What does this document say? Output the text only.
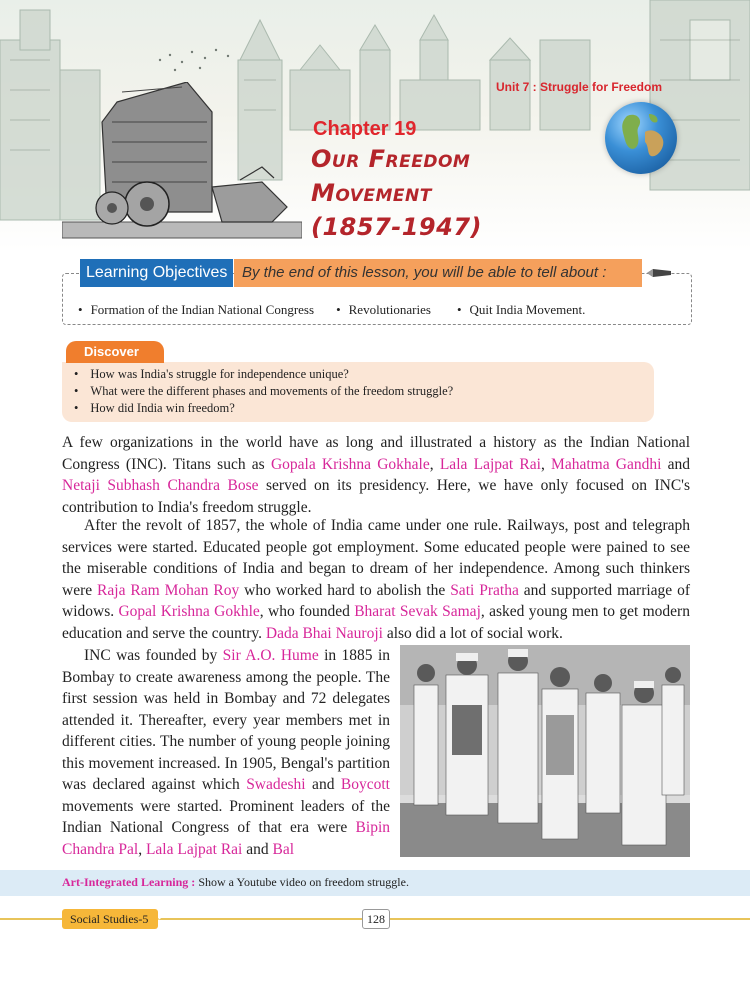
Unit 7 : Struggle for Freedom
Chapter 19
Our Freedom
Movement
(1857-1947)
Learning Objectives By the end of this lesson, you will be able to tell about :
• Formation of the Indian National Congress • Revolutionaries • Quit India Movement.
Discover
• How was India's struggle for independence unique?
• What were the different phases and movements of the freedom struggle?
• How did India win freedom?
A few organizations in the world have as long and illustrated a history as the Indian National Congress (INC). Titans such as Gopala Krishna Gokhale, Lala Lajpat Rai, Mahatma Gandhi and Netaji Subhash Chandra Bose served on its presidency. Here, we have only focused on INC's contribution to India's freedom struggle.
After the revolt of 1857, the whole of India came under one rule. Railways, post and telegraph services were started. Educated people got employment. Some educated people were pained to see the miserable conditions of India and began to dream of her independence. Among such thinkers were Raja Ram Mohan Roy who worked hard to abolish the Sati Pratha and supported marriage of widows. Gopal Krishna Gokhle, who founded Bharat Sevak Samaj, asked young men to get modern education and serve the country. Dada Bhai Nauroji also did a lot of social work.
INC was founded by Sir A.O. Hume in 1885 in Bombay to create awareness among the people. The first session was held in Bombay and 72 delegates attended it. Thereafter, every year members met in different cities. The number of young people joining this movement increased. In 1905, Bengal's partition was declared against which Swadeshi and Boycott movements were started. Prominent leaders of the Indian National Congress of that era were Bipin Chandra Pal, Lala Lajpat Rai and Bal
Art-Integrated Learning : Show a Youtube video on freedom struggle.
Social Studies-5 ›	128
